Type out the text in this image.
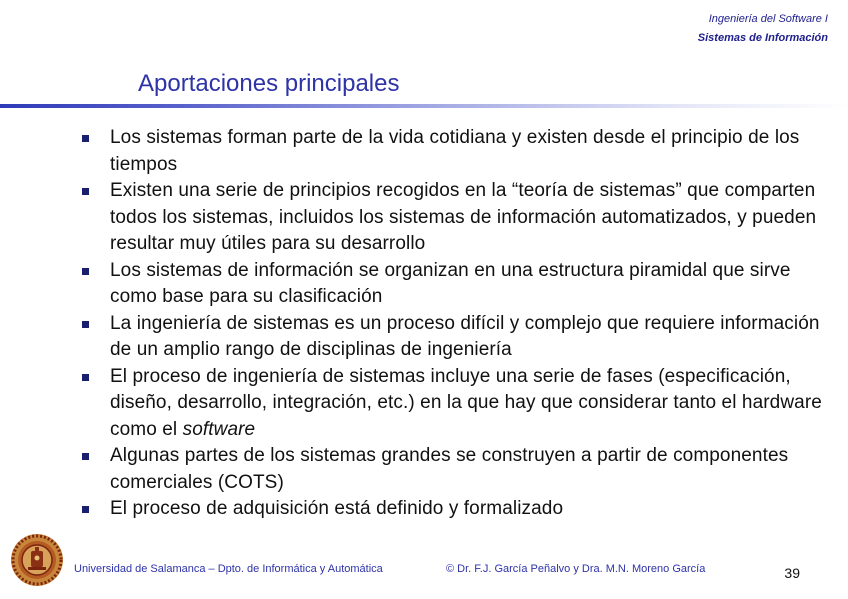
Ingeniería del Software I
Sistemas de Información
Aportaciones principales
Los sistemas forman parte de la vida cotidiana y existen desde el principio de los tiempos
Existen una serie de principios recogidos en la “teoría de sistemas” que comparten todos los sistemas, incluidos los sistemas de información automatizados, y pueden resultar muy útiles para su desarrollo
Los sistemas de información se organizan en una estructura piramidal que sirve como base para su clasificación
La ingeniería de sistemas es un proceso difícil y complejo que requiere información de un amplio rango de disciplinas de ingeniería
El proceso de ingeniería de sistemas incluye una serie de fases (especificación, diseño, desarrollo, integración, etc.) en la que hay que considerar tanto el hardware como el software
Algunas partes de los sistemas grandes se construyen a partir de componentes comerciales (COTS)
El proceso de adquisición está definido y formalizado
Universidad de Salamanca – Dpto. de Informática y Automática	© Dr. F.J. García Peñalvo y Dra. M.N. Moreno García	39
